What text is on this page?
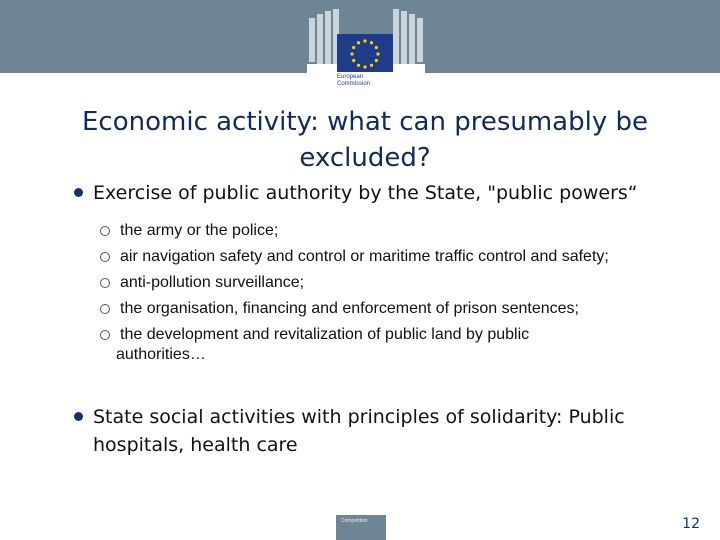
European
Commission
Economic activity: what can presumably be excluded?
Exercise of public authority by the State, "public powers“
the army or the police;
air navigation safety and control or maritime traffic control and safety;
anti-pollution surveillance;
the organisation, financing and enforcement of prison sentences;
the development and revitalization of public land by public
authorities…
State social activities with principles of solidarity: Public hospitals, health care
Competition	12
